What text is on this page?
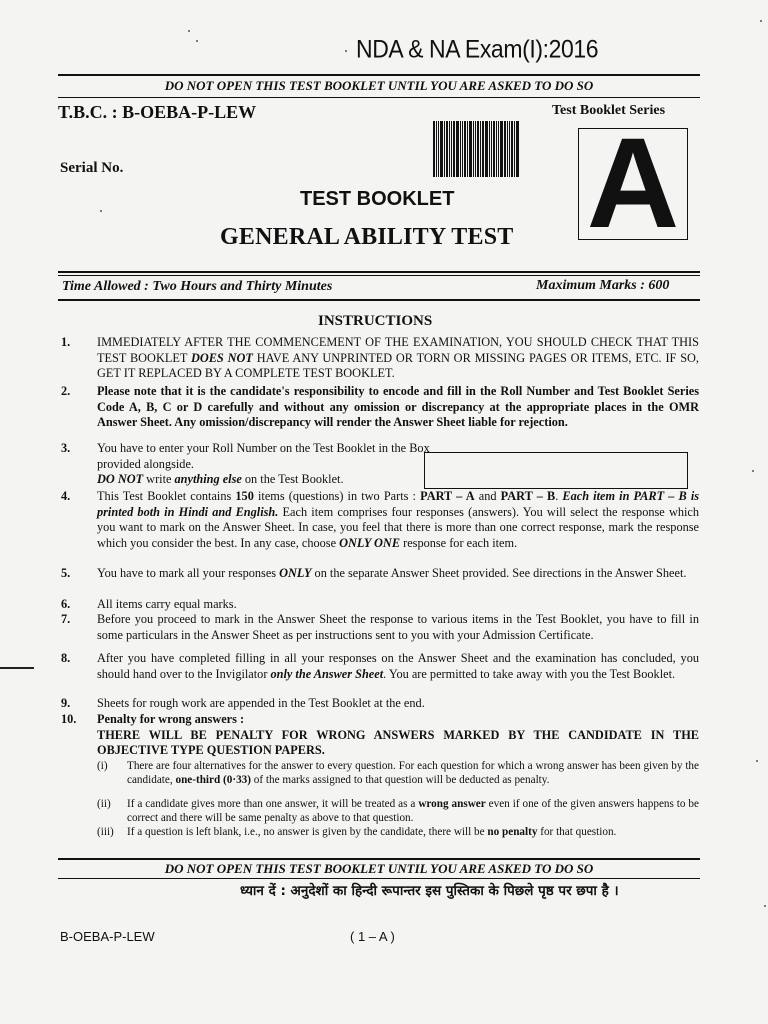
NDA & NA Exam(I):2016
DO NOT OPEN THIS TEST BOOKLET UNTIL YOU ARE ASKED TO DO SO
T.B.C. : B-OEBA-P-LEW	Test Booklet Series
Serial No.	A
TEST BOOKLET
GENERAL ABILITY TEST
Time Allowed : Two Hours and Thirty Minutes	Maximum Marks : 600
INSTRUCTIONS
1. IMMEDIATELY AFTER THE COMMENCEMENT OF THE EXAMINATION, YOU SHOULD CHECK THAT THIS TEST BOOKLET DOES NOT HAVE ANY UNPRINTED OR TORN OR MISSING PAGES OR ITEMS, ETC. IF SO, GET IT REPLACED BY A COMPLETE TEST BOOKLET.
2. Please note that it is the candidate's responsibility to encode and fill in the Roll Number and Test Booklet Series Code A, B, C or D carefully and without any omission or discrepancy at the appropriate places in the OMR Answer Sheet. Any omission/discrepancy will render the Answer Sheet liable for rejection.
3. You have to enter your Roll Number on the Test Booklet in the Box provided alongside.
DO NOT write anything else on the Test Booklet.
4. This Test Booklet contains 150 items (questions) in two Parts : PART – A and PART – B. Each item in PART – B is printed both in Hindi and English. Each item comprises four responses (answers). You will select the response which you want to mark on the Answer Sheet. In case, you feel that there is more than one correct response, mark the response which you consider the best. In any case, choose ONLY ONE response for each item.
5. You have to mark all your responses ONLY on the separate Answer Sheet provided. See directions in the Answer Sheet.
6. All items carry equal marks.
7. Before you proceed to mark in the Answer Sheet the response to various items in the Test Booklet, you have to fill in some particulars in the Answer Sheet as per instructions sent to you with your Admission Certificate.
8. After you have completed filling in all your responses on the Answer Sheet and the examination has concluded, you should hand over to the Invigilator only the Answer Sheet. You are permitted to take away with you the Test Booklet.
9. Sheets for rough work are appended in the Test Booklet at the end.
10. Penalty for wrong answers :
THERE WILL BE PENALTY FOR WRONG ANSWERS MARKED BY THE CANDIDATE IN THE OBJECTIVE TYPE QUESTION PAPERS.
(i) There are four alternatives for the answer to every question. For each question for which a wrong answer has been given by the candidate, one-third (0·33) of the marks assigned to that question will be deducted as penalty.
(ii) If a candidate gives more than one answer, it will be treated as a wrong answer even if one of the given answers happens to be correct and there will be same penalty as above to that question.
(iii) If a question is left blank, i.e., no answer is given by the candidate, there will be no penalty for that question.
DO NOT OPEN THIS TEST BOOKLET UNTIL YOU ARE ASKED TO DO SO
ध्यान दें : अनुदेशों का हिन्दी रूपान्तर इस पुस्तिका के पिछले पृष्ठ पर छपा है ।
B-OEBA-P-LEW	( 1 – A )
